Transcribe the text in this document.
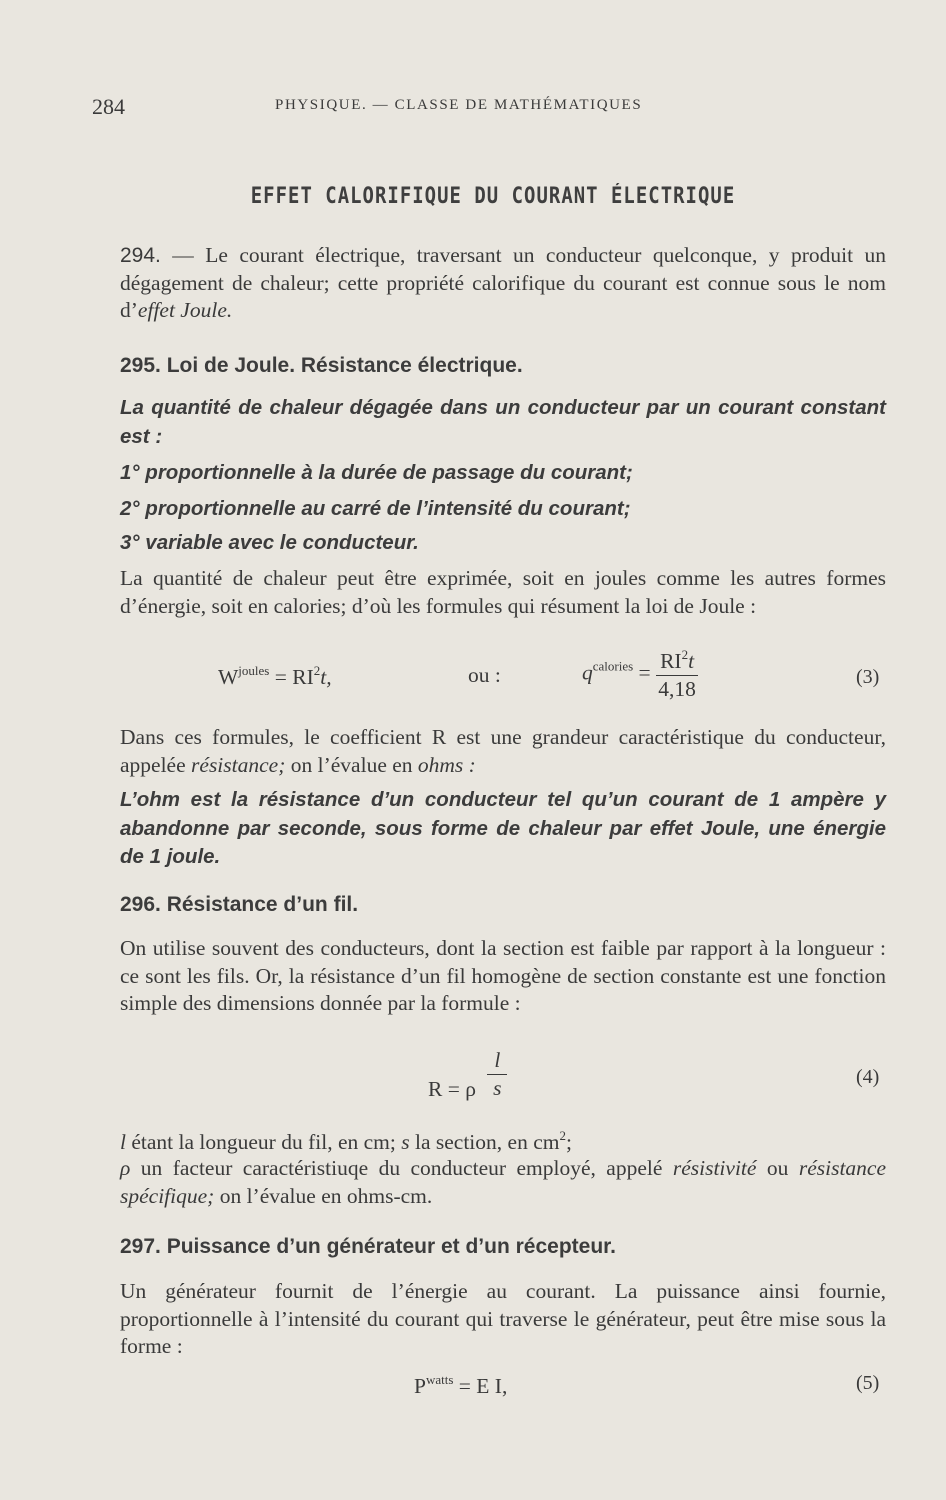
284	PHYSIQUE. — CLASSE DE MATHÉMATIQUES
EFFET CALORIFIQUE DU COURANT ÉLECTRIQUE

294. — Le courant électrique, traversant un conducteur quelconque, y produit un dégagement de chaleur; cette propriété calorifique du courant est connue sous le nom d’effet Joule.

295. Loi de Joule. Résistance électrique.

La quantité de chaleur dégagée dans un conducteur par un courant constant est :

1° proportionnelle à la durée de passage du courant;

2° proportionnelle au carré de l’intensité du courant;

3° variable avec le conducteur.

La quantité de chaleur peut être exprimée, soit en joules comme les autres formes d’énergie, soit en calories; d’où les formules qui résument la loi de Joule :

$W^{joules} = RI^2t$,	ou :	$q^{calories} = \frac{RI^2t}{4,18}$	(3)

Dans ces formules, le coefficient R est une grandeur caractéristique du conducteur, appelée résistance; on l’évalue en ohms :

L’ohm est la résistance d’un conducteur tel qu’un courant de 1 ampère y abandonne par seconde, sous forme de chaleur par effet Joule, une énergie de 1 joule.

296. Résistance d’un fil.

On utilise souvent des conducteurs, dont la section est faible par rapport à la longueur : ce sont les fils. Or, la résistance d’un fil homogène de section constante est une fonction simple des dimensions donnée par la formule :

R = ρ $\frac{l}{s}$	(4)

l étant la longueur du fil, en cm; s la section, en $cm^2$;

ρ un facteur caractéristiuqe du conducteur employé, appelé résistivité ou résistance spécifique; on l’évalue en ohms-cm.

297. Puissance d’un générateur et d’un récepteur.

Un générateur fournit de l’énergie au courant. La puissance ainsi fournie, proportionnelle à l’intensité du courant qui traverse le générateur, peut être mise sous la forme :

$P^{watts} = E$ I,	(5)
